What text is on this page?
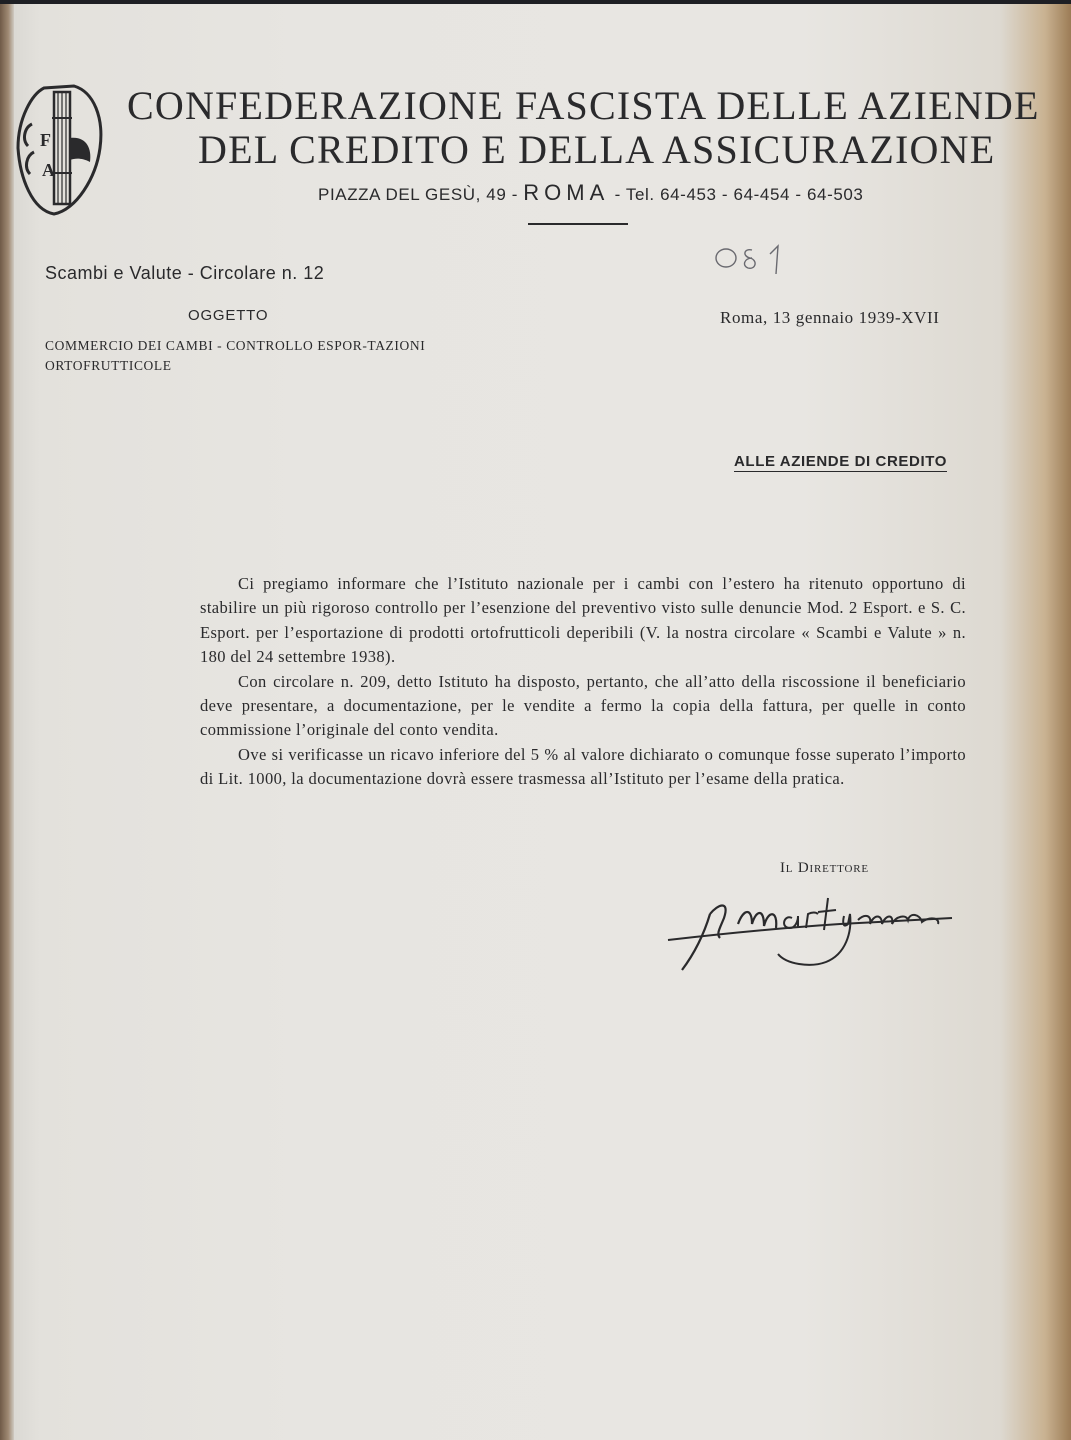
F
A
CONFEDERAZIONE FASCISTA DELLE AZIENDE
DEL CREDITO E DELLA ASSICURAZIONE
PIAZZA DEL GESÙ, 49 - ROMA - Tel. 64-453 - 64-454 - 64-503
Scambi e Valute - Circolare n. 12
OGGETTO
COMMERCIO DEI CAMBI - CONTROLLO ESPOR-TAZIONI ORTOFRUTTICOLE
Roma, 13 gennaio 1939-XVII
ALLE AZIENDE DI CREDITO

Ci pregiamo informare che l’Istituto nazionale per i cambi con l’estero ha ritenuto opportuno di stabilire un più rigoroso controllo per l’esenzione del preventivo visto sulle denuncie Mod. 2 Esport. e S. C. Esport. per l’esportazione di prodotti ortofrutticoli deperibili (V. la nostra circolare « Scambi e Valute » n. 180 del 24 settembre 1938).

Con circolare n. 209, detto Istituto ha disposto, pertanto, che all’atto della riscossione il beneficiario deve presentare, a documentazione, per le vendite a fermo la copia della fattura, per quelle in conto commissione l’originale del conto vendita.

Ove si verificasse un ricavo inferiore del 5 % al valore dichiarato o comunque fosse superato l’importo di Lit. 1000, la documentazione dovrà essere trasmessa all’Istituto per l’esame della pratica.

Il Direttore
